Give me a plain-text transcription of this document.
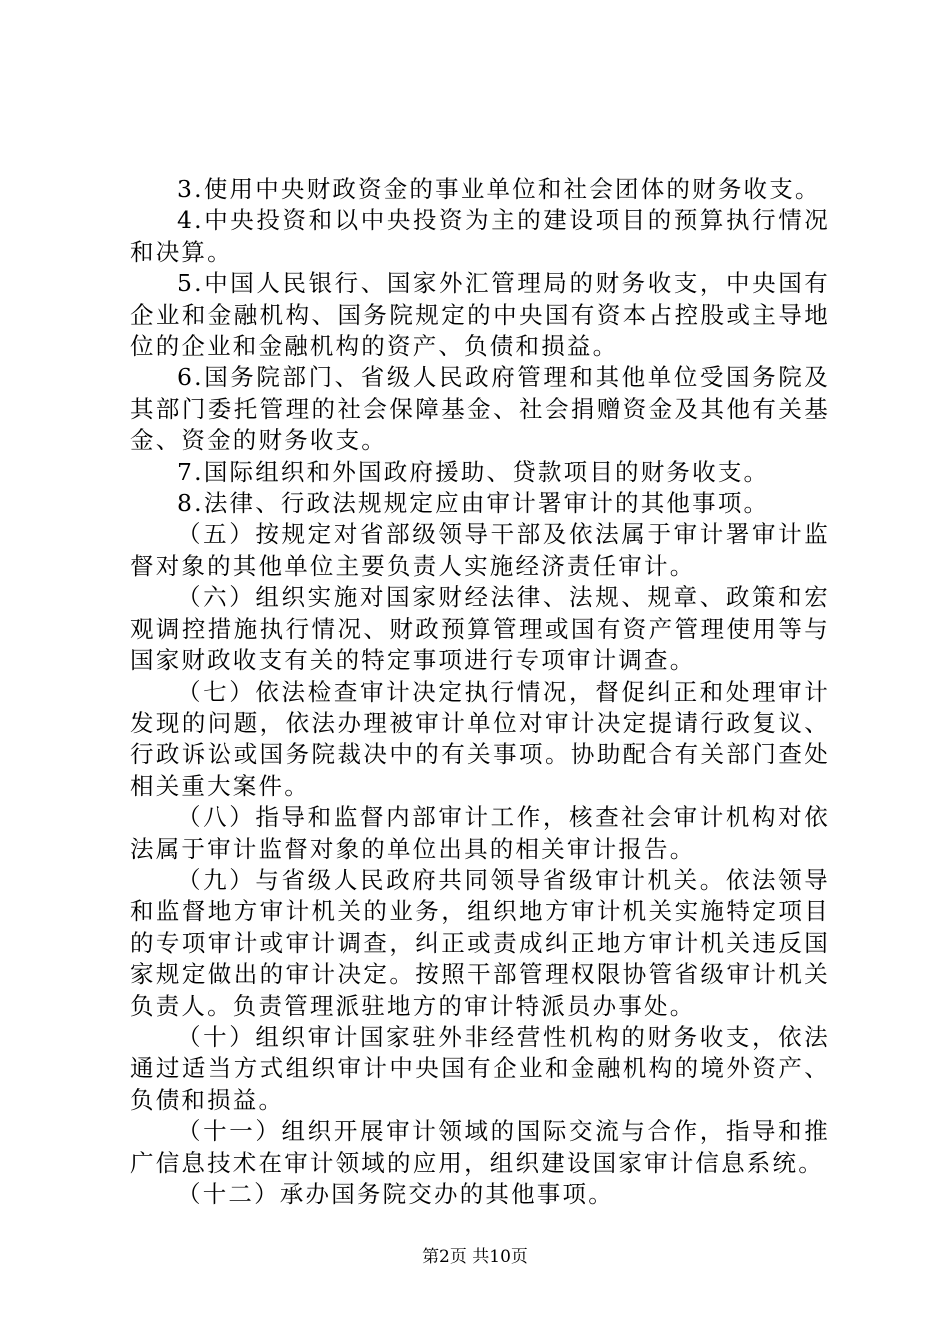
3.使用中央财政资金的事业单位和社会团体的财务收支。

4.中央投资和以中央投资为主的建设项目的预算执行情况和决算。

5.中国人民银行、国家外汇管理局的财务收支，中央国有企业和金融机构、国务院规定的中央国有资本占控股或主导地位的企业和金融机构的资产、负债和损益。

6.国务院部门、省级人民政府管理和其他单位受国务院及其部门委托管理的社会保障基金、社会捐赠资金及其他有关基金、资金的财务收支。

7.国际组织和外国政府援助、贷款项目的财务收支。

8.法律、行政法规规定应由审计署审计的其他事项。

（五）按规定对省部级领导干部及依法属于审计署审计监督对象的其他单位主要负责人实施经济责任审计。

（六）组织实施对国家财经法律、法规、规章、政策和宏观调控措施执行情况、财政预算管理或国有资产管理使用等与国家财政收支有关的特定事项进行专项审计调查。

（七）依法检查审计决定执行情况，督促纠正和处理审计发现的问题，依法办理被审计单位对审计决定提请行政复议、行政诉讼或国务院裁决中的有关事项。协助配合有关部门查处相关重大案件。

（八）指导和监督内部审计工作，核查社会审计机构对依法属于审计监督对象的单位出具的相关审计报告。

（九）与省级人民政府共同领导省级审计机关。依法领导和监督地方审计机关的业务，组织地方审计机关实施特定项目的专项审计或审计调查，纠正或责成纠正地方审计机关违反国家规定做出的审计决定。按照干部管理权限协管省级审计机关负责人。负责管理派驻地方的审计特派员办事处。

（十）组织审计国家驻外非经营性机构的财务收支，依法通过适当方式组织审计中央国有企业和金融机构的境外资产、负债和损益。

（十一）组织开展审计领域的国际交流与合作，指导和推广信息技术在审计领域的应用，组织建设国家审计信息系统。

（十二）承办国务院交办的其他事项。

第2页 共10页
